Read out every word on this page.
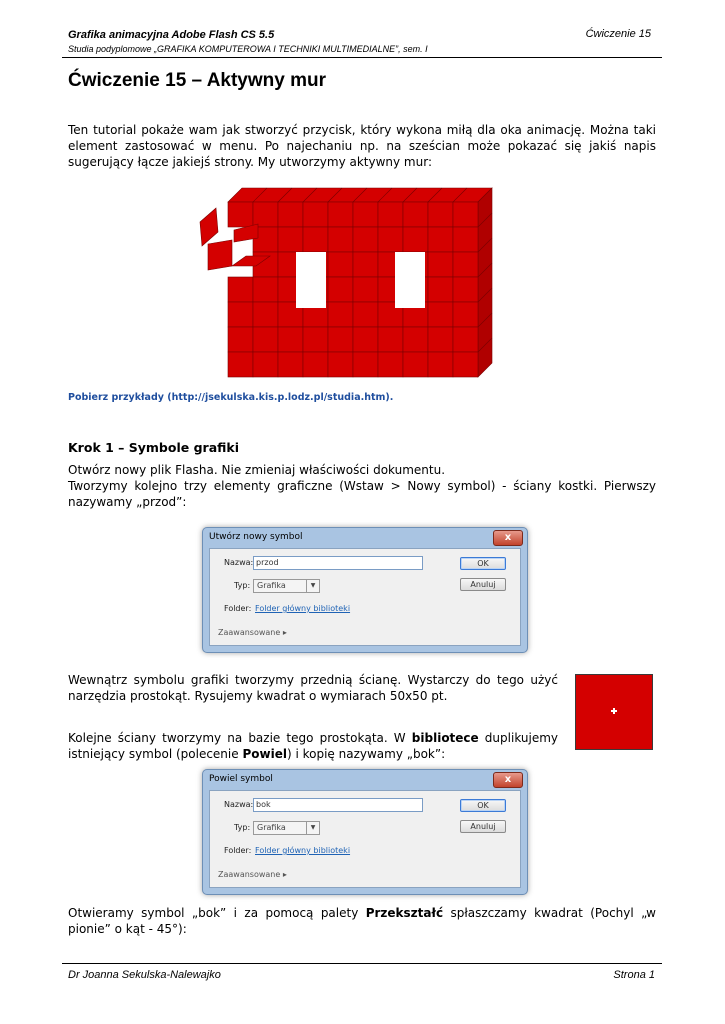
Grafika animacyjna Adobe Flash CS 5.5
Studia podyplomowe „GRAFIKA KOMPUTEROWA I TECHNIKI MULTIMEDIALNE”, sem. I
Ćwiczenie 15
Ćwiczenie 15 – Aktywny mur

Ten tutorial pokaże wam jak stworzyć przycisk, który wykona miłą dla oka animację. Można taki element zastosować w menu. Po najechaniu np. na sześcian może pokazać się jakiś napis sugerujący łącze jakiejś strony. My utworzymy aktywny mur:

Pobierz przykłady (http://jsekulska.kis.p.lodz.pl/studia.htm).
Krok 1 – Symbole grafiki

Otwórz nowy plik Flasha. Nie zmieniaj właściwości dokumentu.

Tworzymy kolejno trzy elementy graficzne (Wstaw > Nowy symbol) - ściany kostki. Pierwszy nazywamy „przod”:

Utwórz nowy symbol	x
Nazwa: przod
Typ: Grafika	▼
Folder: Folder główny biblioteki
Zaawansowane ▸
OK
Anuluj

Wewnątrz symbolu grafiki tworzymy przednią ścianę. Wystarczy do tego użyć narzędzia prostokąt. Rysujemy kwadrat o wymiarach 50x50 pt.

Kolejne ściany tworzymy na bazie tego prostokąta. W bibliotece duplikujemy istniejący symbol (polecenie Powiel) i kopię nazywamy „bok”:

Powiel symbol	x
Nazwa: bok
Typ: Grafika	▼
Folder: Folder główny biblioteki
Zaawansowane ▸
OK
Anuluj

Otwieramy symbol „bok” i za pomocą palety Przekształć spłaszczamy kwadrat (Pochyl „w pionie” o kąt - 45°):

Dr Joanna Sekulska-Nalewajko	Strona 1
